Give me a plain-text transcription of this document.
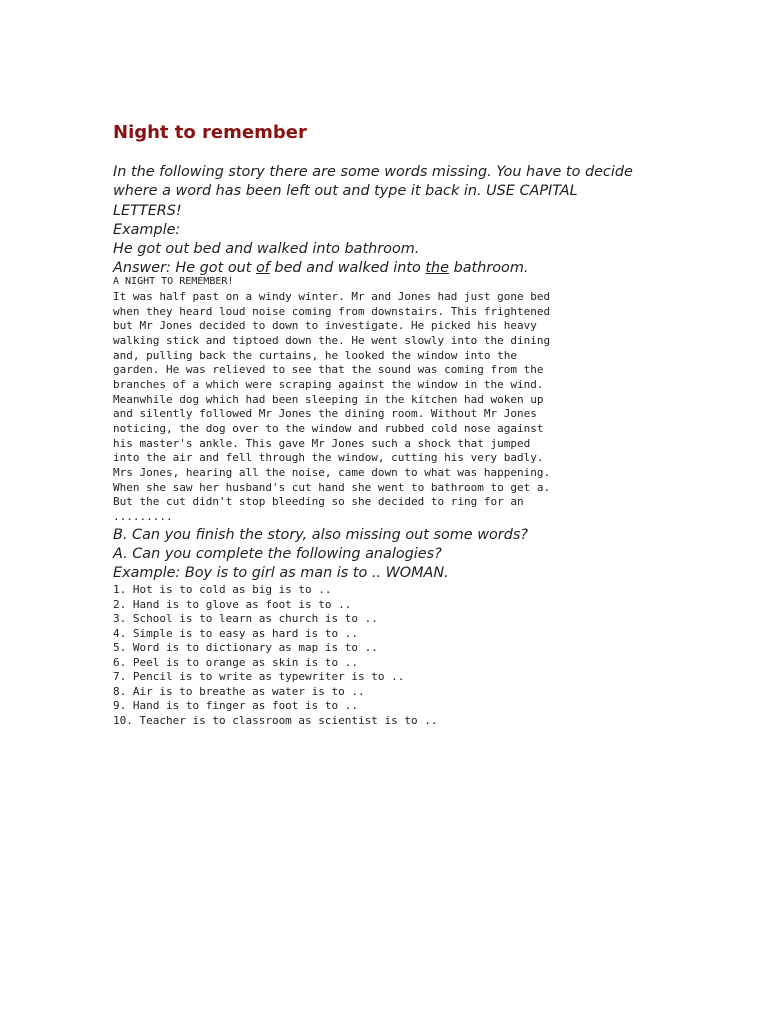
Night to remember

In the following story there are some words missing. You have to decide where a word has been left out and type it back in. USE CAPITAL LETTERS!

Example:

He got out bed and walked into bathroom.

Answer: He got out of bed and walked into the bathroom.

A NIGHT TO REMEMBER!
It was half past on a windy winter. Mr and Jones had just gone bed
when they heard loud noise coming from downstairs. This frightened
but Mr Jones decided to down to investigate. He picked his heavy
walking stick and tiptoed down the. He went slowly into the dining
and, pulling back the curtains, he looked the window into the
garden. He was relieved to see that the sound was coming from the
branches of a which were scraping against the window in the wind.
Meanwhile dog which had been sleeping in the kitchen had woken up
and silently followed Mr Jones the dining room. Without Mr Jones
noticing, the dog over to the window and rubbed cold nose against
his master's ankle. This gave Mr Jones such a shock that jumped
into the air and fell through the window, cutting his very badly.
Mrs Jones, hearing all the noise, came down to what was happening.
When she saw her husband's cut hand she went to bathroom to get a.
But the cut didn't stop bleeding so she decided to ring for an
.........

B. Can you finish the story, also missing out some words?

A. Can you complete the following analogies?

Example: Boy is to girl as man is to .. WOMAN.

1. Hot is to cold as big is to ..
2. Hand is to glove as foot is to ..
3. School is to learn as church is to ..
4. Simple is to easy as hard is to ..
5. Word is to dictionary as map is to ..
6. Peel is to orange as skin is to ..
7. Pencil is to write as typewriter is to ..
8. Air is to breathe as water is to ..
9. Hand is to finger as foot is to ..
10. Teacher is to classroom as scientist is to ..
